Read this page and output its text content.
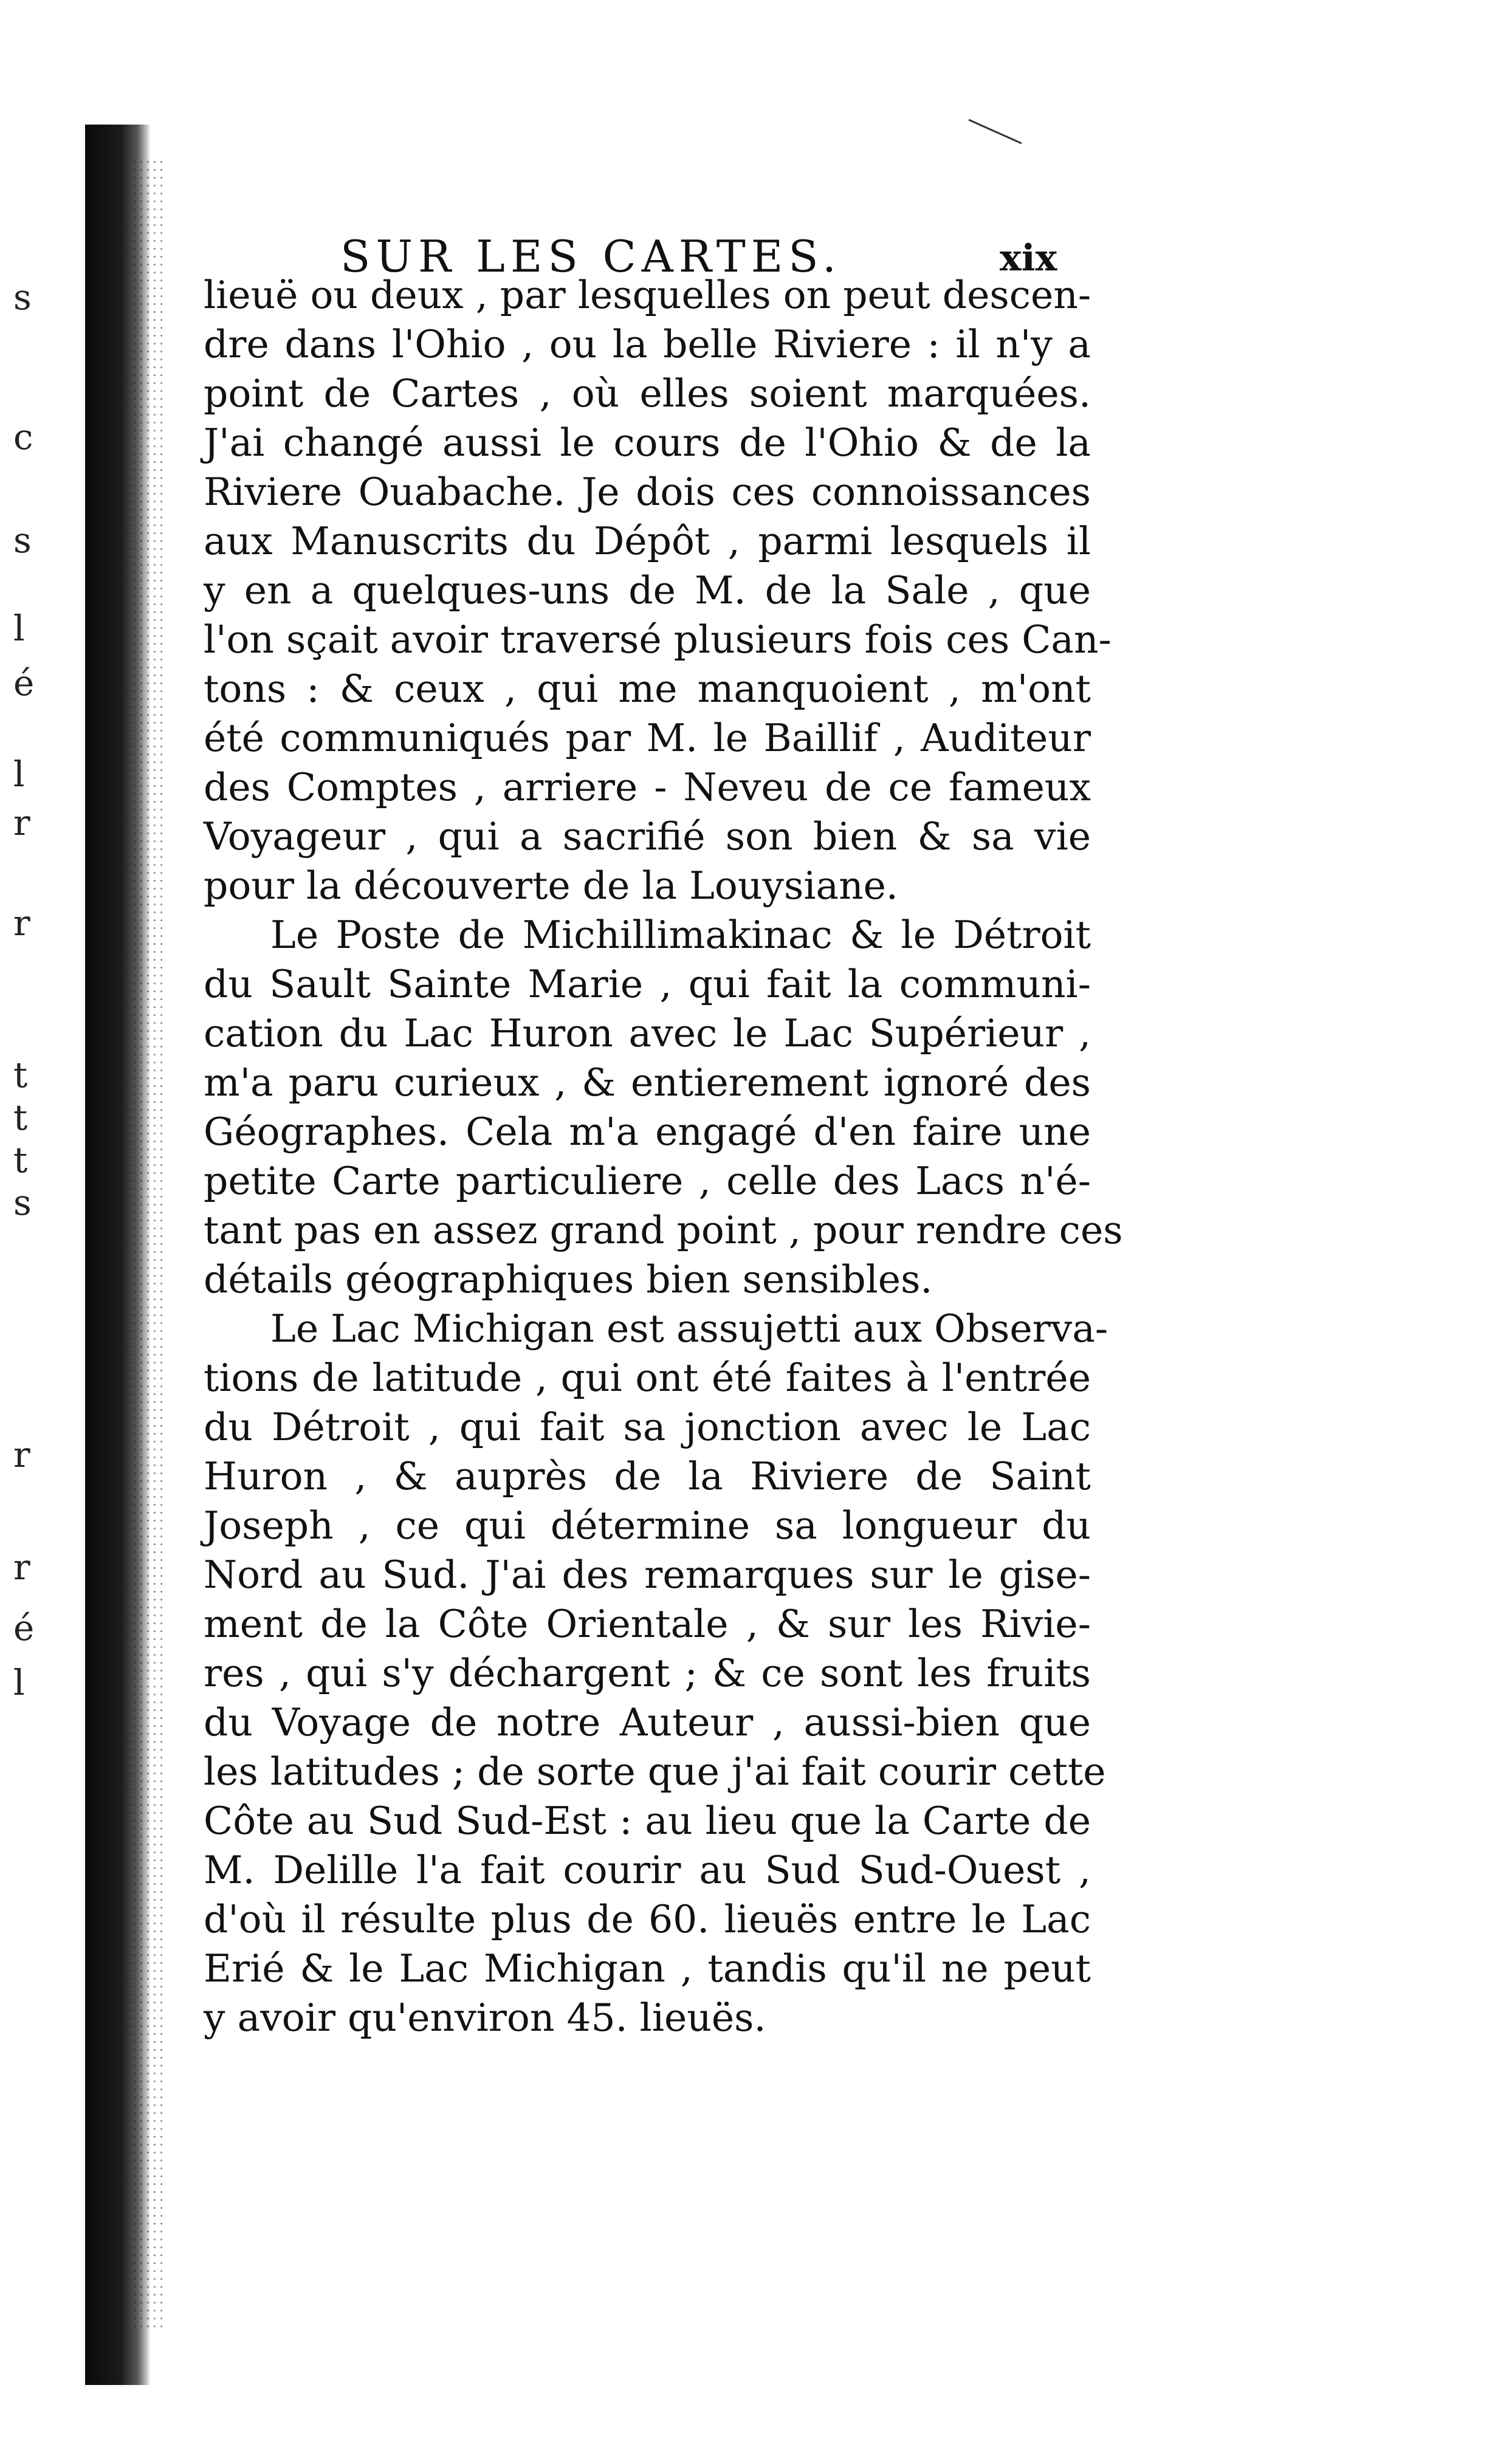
s
c
s
l
é
l
r
r
t
t
t
s
r
r
é
l
SUR LES CARTES.	xix
lieuë ou deux , par lesquelles on peut descen-
dre dans l'Ohio , ou la belle Riviere : il n'y a
point de Cartes , où elles soient marquées.
J'ai changé aussi le cours de l'Ohio & de la
Riviere Ouabache. Je dois ces connoissances
aux Manuscrits du Dépôt , parmi lesquels il
y en a quelques-uns de M. de la Sale , que
l'on sçait avoir traversé plusieurs fois ces Can-
tons : & ceux , qui me manquoient , m'ont
été communiqués par M. le Baillif , Auditeur
des Comptes , arriere - Neveu de ce fameux
Voyageur , qui a sacrifié son bien & sa vie
pour la découverte de la Louysiane.
Le Poste de Michillimakinac & le Détroit
du Sault Sainte Marie , qui fait la communi-
cation du Lac Huron avec le Lac Supérieur ,
m'a paru curieux , & entierement ignoré des
Géographes. Cela m'a engagé d'en faire une
petite Carte particuliere , celle des Lacs n'é-
tant pas en assez grand point , pour rendre ces
détails géographiques bien sensibles.
Le Lac Michigan est assujetti aux Observa-
tions de latitude , qui ont été faites à l'entrée
du Détroit , qui fait sa jonction avec le Lac
Huron , & auprès de la Riviere de Saint
Joseph , ce qui détermine sa longueur du
Nord au Sud. J'ai des remarques sur le gise-
ment de la Côte Orientale , & sur les Rivie-
res , qui s'y déchargent ; & ce sont les fruits
du Voyage de notre Auteur , aussi-bien que
les latitudes ; de sorte que j'ai fait courir cette
Côte au Sud Sud-Est : au lieu que la Carte de
M. Delille l'a fait courir au Sud Sud-Ouest ,
d'où il résulte plus de 60. lieuës entre le Lac
Erié & le Lac Michigan , tandis qu'il ne peut
y avoir qu'environ 45. lieuës.
